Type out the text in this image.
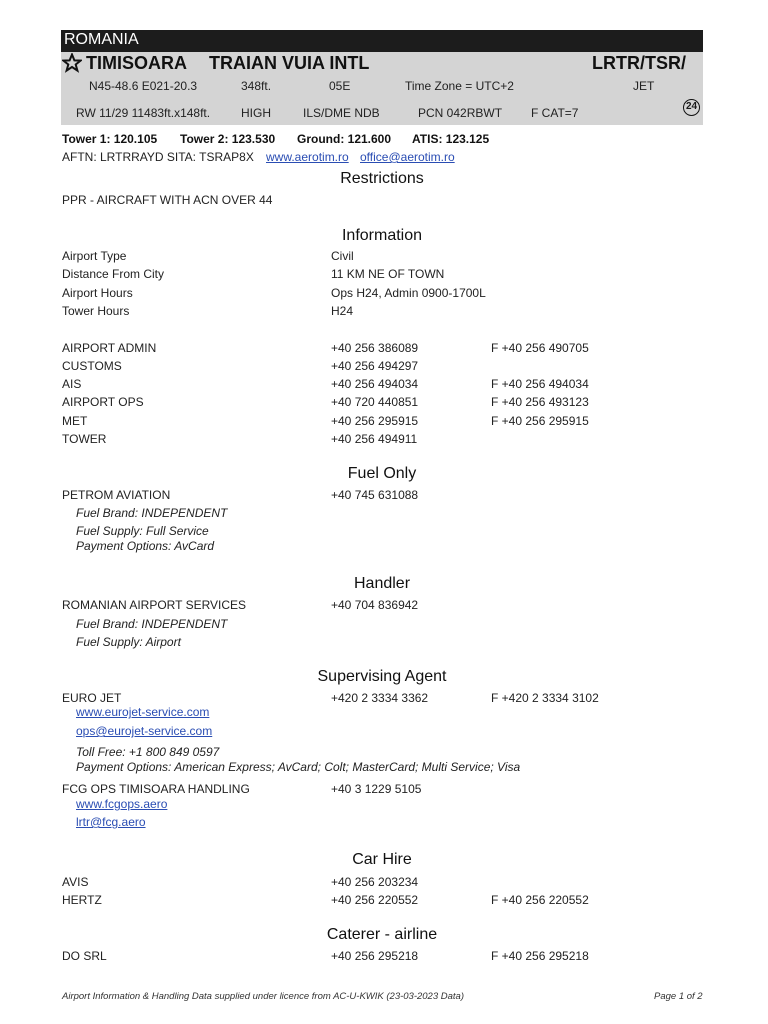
ROMANIA
TIMISOARA TRAIAN VUIA INTL	LRTR/TSR/
N45-48.6 E021-20.3	348ft.	05E	Time Zone = UTC+2	JET
RW 11/29 11483ft.x148ft.	HIGH	ILS/DME NDB	PCN 042RBWT F CAT=7	24
Tower 1: 120.105 Tower 2: 123.530 Ground: 121.600 ATIS: 123.125
AFTN: LRTRRAYD SITA: TSRAP8X www.aerotim.ro office@aerotim.ro
Restrictions
PPR - AIRCRAFT WITH ACN OVER 44
Information
Airport Type	Civil
Distance From City	11 KM NE OF TOWN
Airport Hours	Ops H24, Admin 0900-1700L
Tower Hours	H24
AIRPORT ADMIN	+40 256 386089	F +40 256 490705
CUSTOMS	+40 256 494297
AIS	+40 256 494034	F +40 256 494034
AIRPORT OPS	+40 720 440851	F +40 256 493123
MET	+40 256 295915	F +40 256 295915
TOWER	+40 256 494911
Fuel Only
PETROM AVIATION	+40 745 631088
Fuel Brand: INDEPENDENT
Fuel Supply: Full Service
Payment Options: AvCard
Handler
ROMANIAN AIRPORT SERVICES	+40 704 836942
Fuel Brand: INDEPENDENT
Fuel Supply: Airport
Supervising Agent
EURO JET	+420 2 3334 3362	F +420 2 3334 3102
www.eurojet-service.com
ops@eurojet-service.com
Toll Free: +1 800 849 0597
Payment Options: American Express; AvCard; Colt; MasterCard; Multi Service; Visa
FCG OPS TIMISOARA HANDLING	+40 3 1229 5105
www.fcgops.aero
lrtr@fcg.aero
Car Hire
AVIS	+40 256 203234
HERTZ	+40 256 220552	F +40 256 220552
Caterer - airline
DO SRL	+40 256 295218	F +40 256 295218
Airport Information & Handling Data supplied under licence from AC-U-KWIK (23-03-2023 Data)	Page 1 of 2
